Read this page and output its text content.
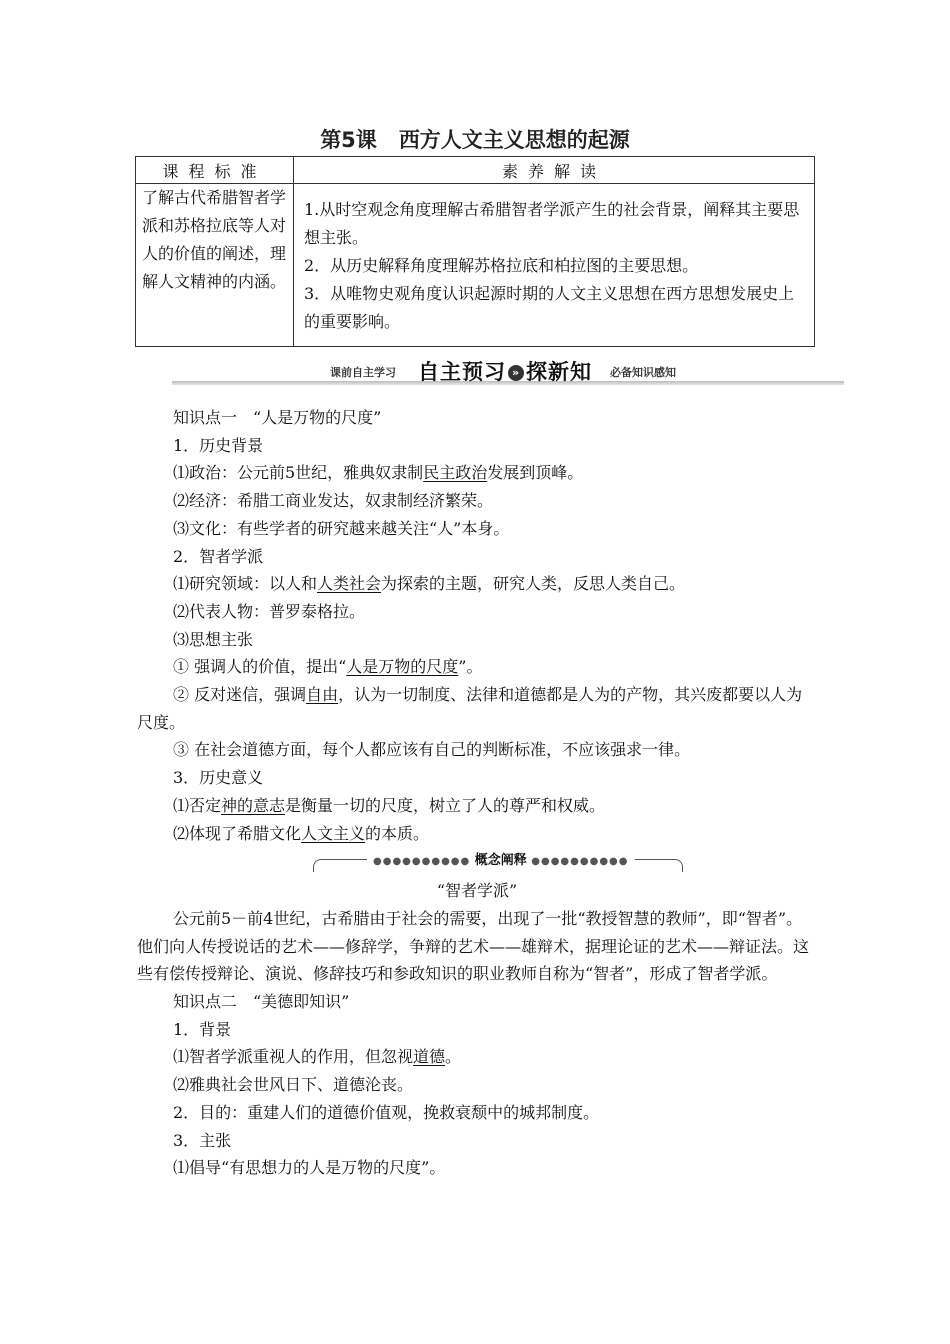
第5课 西方人文主义思想的起源
课程标准	素养解读
了解古代希腊智者学派和苏格拉底等人对人的价值的阐述，理解人文精神的内涵。	1.从时空观念角度理解古希腊智者学派产生的社会背景，阐释其主要思想主张。

2．从历史解释角度理解苏格拉底和柏拉图的主要思想。

3．从唯物史观角度认识起源时期的人文主义思想在西方思想发展史上的重要影响。

课前自主学习 自主预习 » 探新知 必备知识感知

知识点一　“人是万物的尺度”

1．历史背景

⑴政治：公元前5世纪，雅典奴隶制民主政治发展到顶峰。

⑵经济：希腊工商业发达，奴隶制经济繁荣。

⑶文化：有些学者的研究越来越关注“人”本身。

2．智者学派

⑴研究领域：以人和人类社会为探索的主题，研究人类，反思人类自己。

⑵代表人物：普罗泰格拉。

⑶思想主张

① 强调人的价值，提出“人是万物的尺度”。

② 反对迷信，强调自由，认为一切制度、法律和道德都是人为的产物，其兴废都要以人为尺度。

③ 在社会道德方面，每个人都应该有自己的判断标准，不应该强求一律。

3．历史意义

⑴否定神的意志是衡量一切的尺度，树立了人的尊严和权威。

⑵体现了希腊文化人文主义的本质。

●●●●●●●●●● 概念阐释 ●●●●●●●●●●

“智者学派”

公元前5－前4世纪，古希腊由于社会的需要，出现了一批“教授智慧的教师”，即“智者”。他们向人传授说话的艺术——修辞学，争辩的艺术——雄辩术，据理论证的艺术——辩证法。这些有偿传授辩论、演说、修辞技巧和参政知识的职业教师自称为“智者”，形成了智者学派。

知识点二　“美德即知识”

1．背景

⑴智者学派重视人的作用，但忽视道德。

⑵雅典社会世风日下、道德沦丧。

2．目的：重建人们的道德价值观，挽救衰颓中的城邦制度。

3．主张

⑴倡导“有思想力的人是万物的尺度”。
